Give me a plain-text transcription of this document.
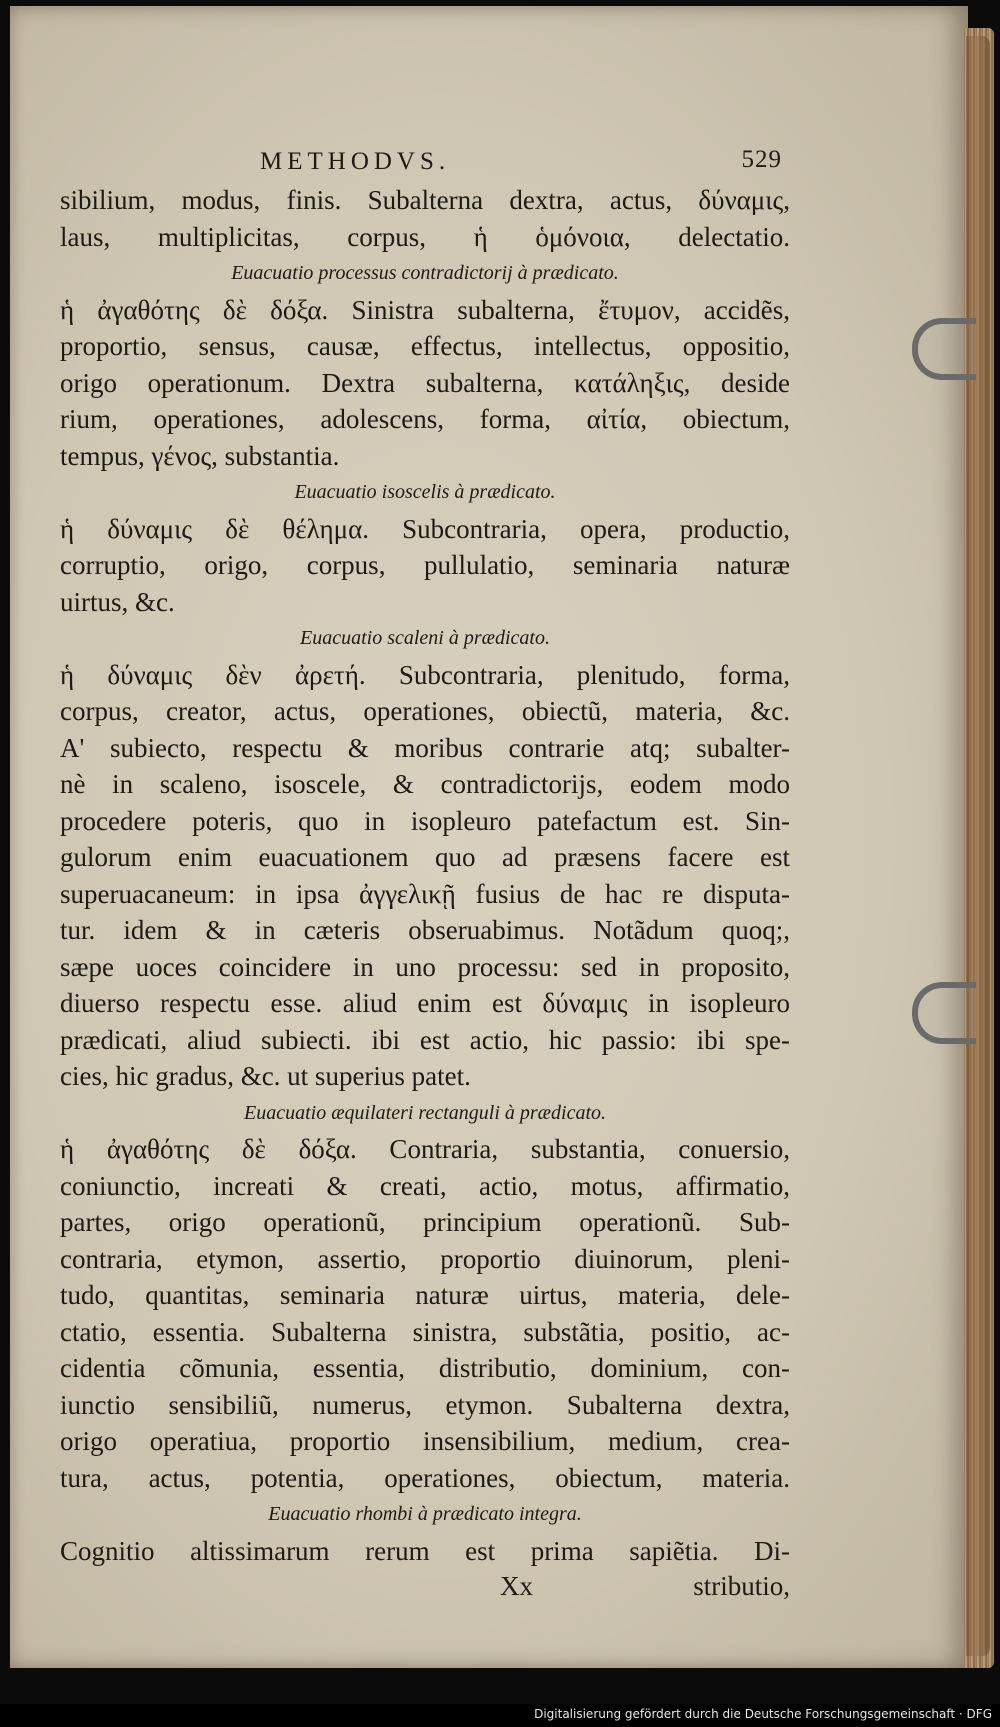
METHODVS.	529
sibilium, modus, finis. Subalterna dextra, actus, δύναμις,
laus, multiplicitas, corpus, ἡ ὁμόνοια, delectatio.
Euacuatio processus contradictorij à prædicato.
ἡ ἀγαθότης δὲ δόξα. Sinistra subalterna, ἔτυμον, accidẽs,
proportio, sensus, causæ, effectus, intellectus, oppositio,
origo operationum. Dextra subalterna, κατάληξις, deside
rium, operationes, adolescens, forma, αἰτία, obiectum,
tempus, γένος, substantia.
Euacuatio isoscelis à prædicato.
ἡ δύναμις δὲ θέλημα. Subcontraria, opera, productio,
corruptio, origo, corpus, pullulatio, seminaria naturæ
uirtus, &c.
Euacuatio scaleni à prædicato.
ἡ δύναμις δὲν ἀρετή. Subcontraria, plenitudo, forma,
corpus, creator, actus, operationes, obiectũ, materia, &c.
A' subiecto, respectu & moribus contrarie atq; subalter-
nè in scaleno, isoscele, & contradictorijs, eodem modo
procedere poteris, quo in isopleuro patefactum est. Sin-
gulorum enim euacuationem quo ad præsens facere est
superuacaneum: in ipsa ἀγγελικῇ fusius de hac re disputa-
tur. idem & in cæteris obseruabimus. Notãdum quoq;,
sæpe uoces coincidere in uno processu: sed in proposito,
diuerso respectu esse. aliud enim est δύναμις in isopleuro
prædicati, aliud subiecti. ibi est actio, hic passio: ibi spe-
cies, hic gradus, &c. ut superius patet.
Euacuatio æquilateri rectanguli à prædicato.
ἡ ἀγαθότης δὲ δόξα. Contraria, substantia, conuersio,
coniunctio, increati & creati, actio, motus, affirmatio,
partes, origo operationũ, principium operationũ. Sub-
contraria, etymon, assertio, proportio diuinorum, pleni-
tudo, quantitas, seminaria naturæ uirtus, materia, dele-
ctatio, essentia. Subalterna sinistra, substãtia, positio, ac-
cidentia cõmunia, essentia, distributio, dominium, con-
iunctio sensibiliũ, numerus, etymon. Subalterna dextra,
origo operatiua, proportio insensibilium, medium, crea-
tura, actus, potentia, operationes, obiectum, materia.
Euacuatio rhombi à prædicato integra.
Cognitio altissimarum rerum est prima sapiẽtia. Di-
Xx	stributio,
Digitalisierung gefördert durch die Deutsche Forschungsgemeinschaft · DFG
